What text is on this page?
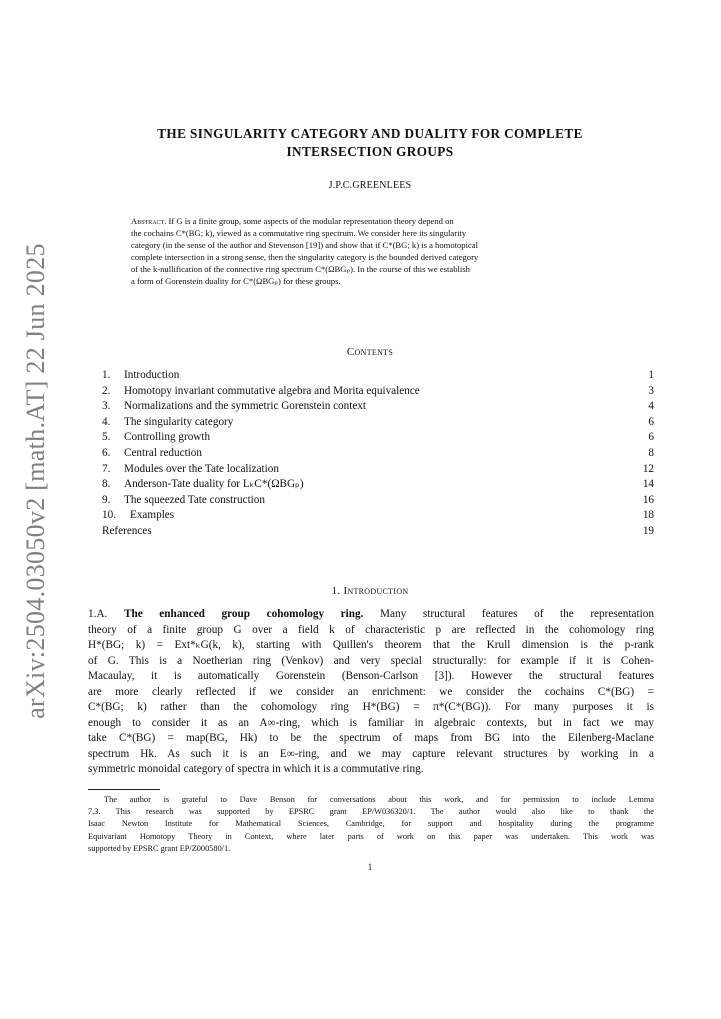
arXiv:2504.03050v2 [math.AT] 22 Jun 2025
THE SINGULARITY CATEGORY AND DUALITY FOR COMPLETE
INTERSECTION GROUPS
J.P.C.GREENLEES
Abstract. If G is a finite group, some aspects of the modular representation theory depend on
the cochains C*(BG; k), viewed as a commutative ring spectrum. We consider here its singularity
category (in the sense of the author and Stevenson [19]) and show that if C*(BG; k) is a homotopical
complete intersection in a strong sense, then the singularity category is the bounded derived category
of the k-nullification of the connective ring spectrum C*(ΩBGₚ). In the course of this we establish
a form of Gorenstein duality for C*(ΩBGₚ) for these groups.
Contents
1. Introduction	1
2. Homotopy invariant commutative algebra and Morita equivalence	3
3. Normalizations and the symmetric Gorenstein context	4
4. The singularity category	6
5. Controlling growth	6
6. Central reduction	8
7. Modules over the Tate localization	12
8. Anderson-Tate duality for LₖC*(ΩBGₚ)	14
9. The squeezed Tate construction	16
10. Examples	18
References	19
1. Introduction
1.A. The enhanced group cohomology ring. Many structural features of the representation
theory of a finite group G over a field k of characteristic p are reflected in the cohomology ring
H*(BG; k) = Ext*ₖG(k, k), starting with Quillen's theorem that the Krull dimension is the p-rank
of G. This is a Noetherian ring (Venkov) and very special structurally: for example if it is Cohen-
Macaulay, it is automatically Gorenstein (Benson-Carlson [3]). However the structural features
are more clearly reflected if we consider an enrichment: we consider the cochains C*(BG) =
C*(BG; k) rather than the cohomology ring H*(BG) = π*(C*(BG)). For many purposes it is
enough to consider it as an A∞-ring, which is familiar in algebraic contexts, but in fact we may
take C*(BG) = map(BG, Hk) to be the spectrum of maps from BG into the Eilenberg-Maclane
spectrum Hk. As such it is an E∞-ring, and we may capture relevant structures by working in a
symmetric monoidal category of spectra in which it is a commutative ring.
The author is grateful to Dave Benson for conversations about this work, and for permission to include Lemma
7.3. This research was supported by EPSRC grant EP/W036320/1. The author would also like to thank the
Isaac Newton Institute for Mathematical Sciences, Cambridge, for support and hospitality during the programme
Equivariant Homotopy Theory in Context, where later parts of work on this paper was undertaken. This work was
supported by EPSRC grant EP/Z000580/1.
1
